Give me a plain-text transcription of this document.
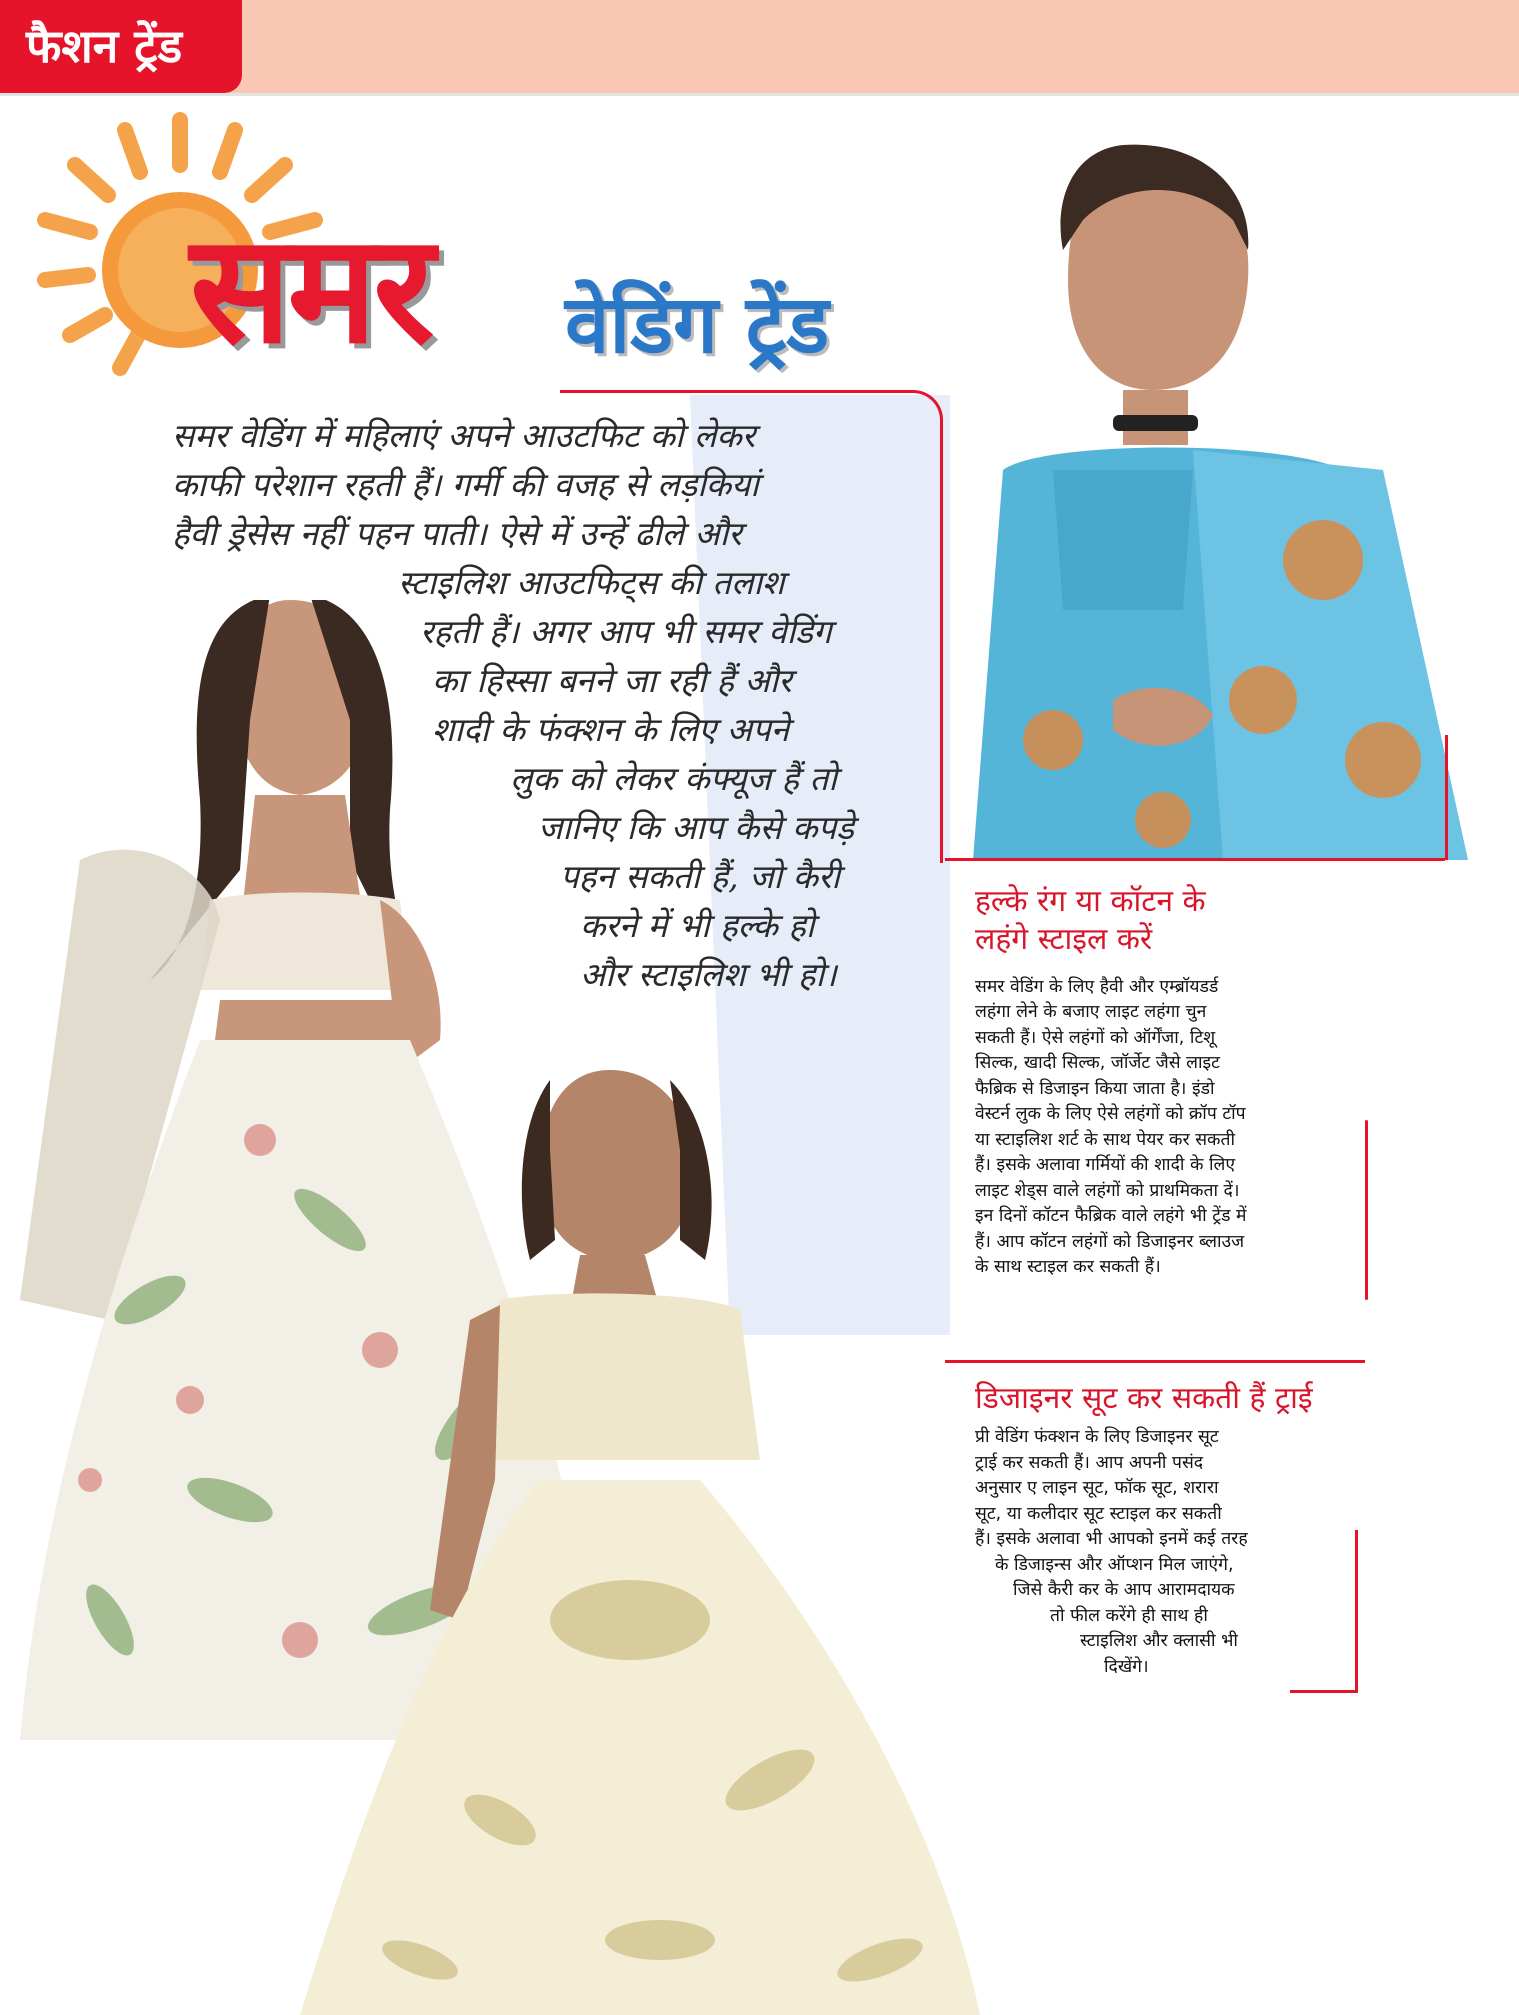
फैशन ट्रेंड
समर वेडिंग ट्रेंड
समर वेडिंग में महिलाएं अपने आउटफिट को लेकर
काफी परेशान रहती हैं। गर्मी की वजह से लड़कियां
हैवी ड्रेसेस नहीं पहन पाती। ऐसे में उन्हें ढीले और
स्टाइलिश आउटफिट्स की तलाश
रहती हैं। अगर आप भी समर वेडिंग
का हिस्सा बनने जा रही हैं और
शादी के फंक्शन के लिए अपने
लुक को लेकर कंफ्यूज हैं तो
जानिए कि आप कैसे कपड़े
पहन सकती हैं, जो कैरी
करने में भी हल्के हो
और स्टाइलिश भी हो।
हल्के रंग या कॉटन के
लहंगे स्टाइल करें
समर वेडिंग के लिए हैवी और एम्ब्रॉयडर्ड
लहंगा लेने के बजाए लाइट लहंगा चुन
सकती हैं। ऐसे लहंगों को ऑर्गेंजा, टिशू
सिल्क, खादी सिल्क, जॉर्जेट जैसे लाइट
फैब्रिक से डिजाइन किया जाता है। इंडो
वेस्टर्न लुक के लिए ऐसे लहंगों को क्रॉप टॉप
या स्टाइलिश शर्ट के साथ पेयर कर सकती
हैं। इसके अलावा गर्मियों की शादी के लिए
लाइट शेड्स वाले लहंगों को प्राथमिकता दें।
इन दिनों कॉटन फैब्रिक वाले लहंगे भी ट्रेंड में
हैं। आप कॉटन लहंगों को डिजाइनर ब्लाउज
के साथ स्टाइल कर सकती हैं।
डिजाइनर सूट कर सकती हैं ट्राई
प्री वेडिंग फंक्शन के लिए डिजाइनर सूट
ट्राई कर सकती हैं। आप अपनी पसंद
अनुसार ए लाइन सूट, फॉक सूट, शरारा
सूट, या कलीदार सूट स्टाइल कर सकती
हैं। इसके अलावा भी आपको इनमें कई तरह
के डिजाइन्स और ऑप्शन मिल जाएंगे,
जिसे कैरी कर के आप आरामदायक
तो फील करेंगे ही साथ ही
स्टाइलिश और क्लासी भी
दिखेंगे।
